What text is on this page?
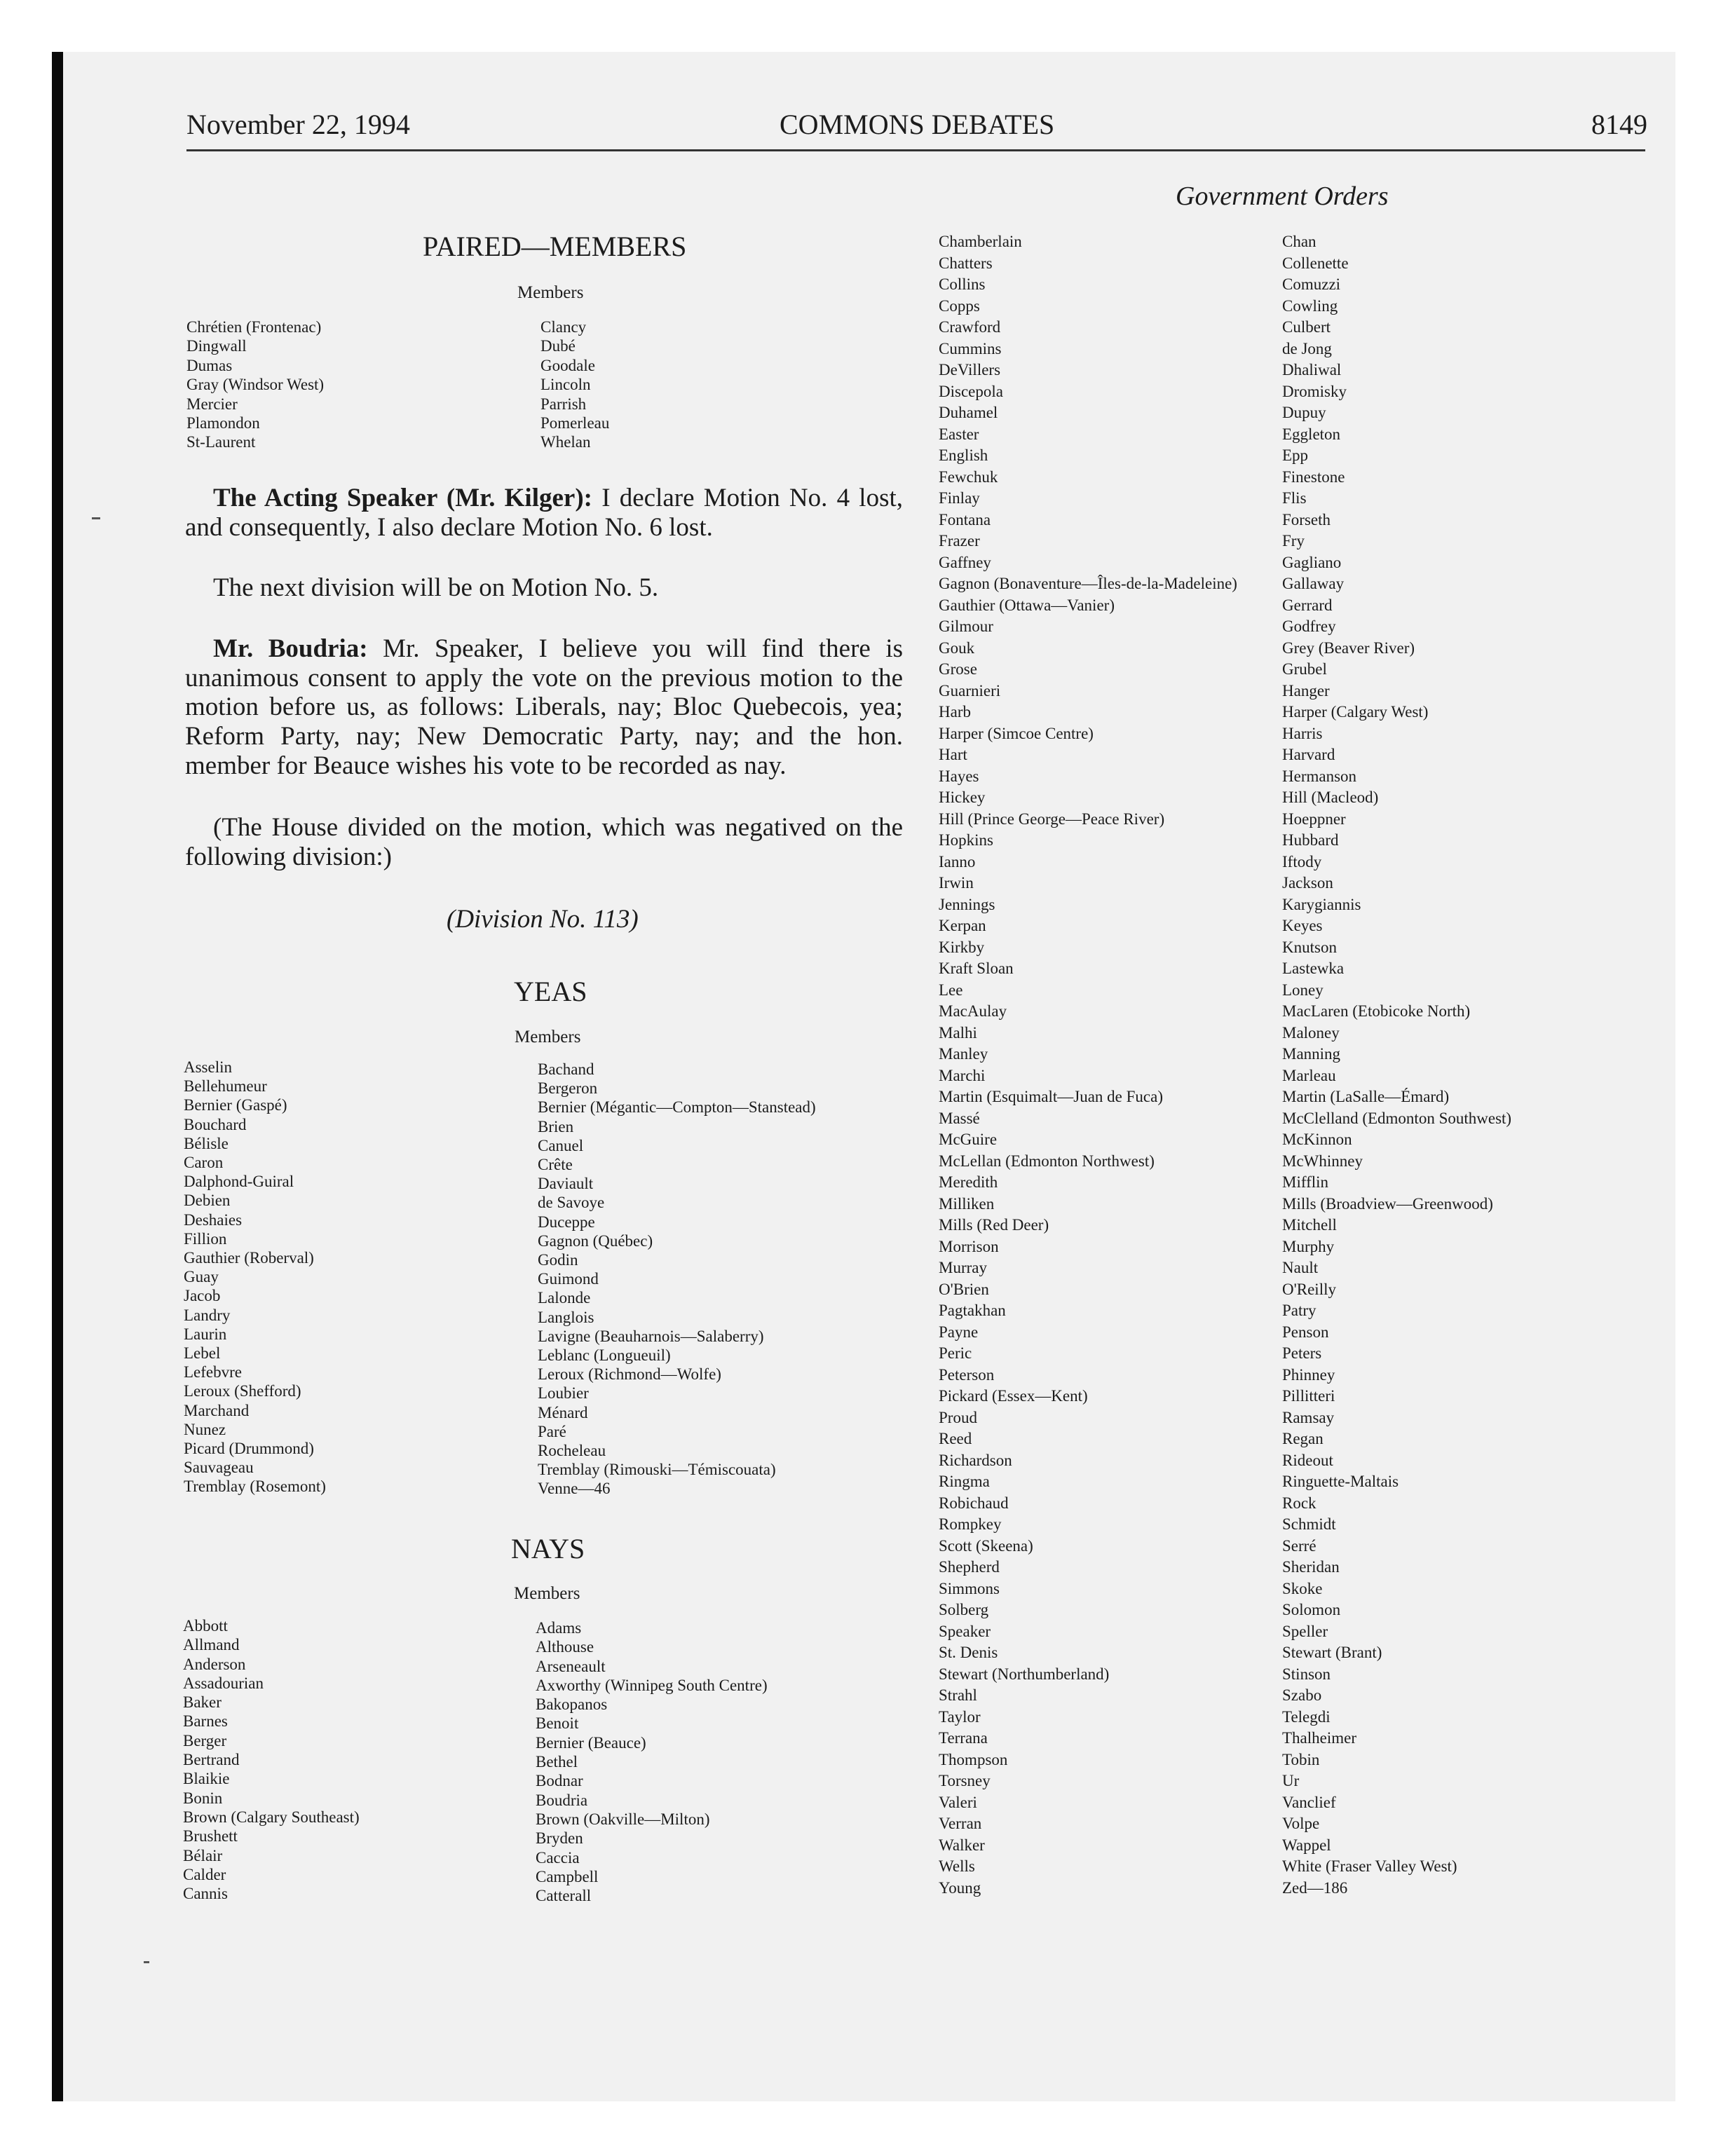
November 22, 1994	COMMONS DEBATES	8149
Government Orders
PAIRED—MEMBERS
Members
Chrétien (Frontenac)
Dingwall
Dumas
Gray (Windsor West)
Mercier
Plamondon
St-Laurent
Clancy
Dubé
Goodale
Lincoln
Parrish
Pomerleau
Whelan

The Acting Speaker (Mr. Kilger): I declare Motion No. 4 lost, and consequently, I also declare Motion No. 6 lost.

The next division will be on Motion No. 5.

Mr. Boudria: Mr. Speaker, I believe you will find there is unanimous consent to apply the vote on the previous motion to the motion before us, as follows: Liberals, nay; Bloc Quebecois, yea; Reform Party, nay; New Democratic Party, nay; and the hon. member for Beauce wishes his vote to be recorded as nay.

(The House divided on the motion, which was negatived on the following division:)

(Division No. 113)
YEAS
Members
Asselin
Bellehumeur
Bernier (Gaspé)
Bouchard
Bélisle
Caron
Dalphond-Guiral
Debien
Deshaies
Fillion
Gauthier (Roberval)
Guay
Jacob
Landry
Laurin
Lebel
Lefebvre
Leroux (Shefford)
Marchand
Nunez
Picard (Drummond)
Sauvageau
Tremblay (Rosemont)
Bachand
Bergeron
Bernier (Mégantic—Compton—Stanstead)
Brien
Canuel
Crête
Daviault
de Savoye
Duceppe
Gagnon (Québec)
Godin
Guimond
Lalonde
Langlois
Lavigne (Beauharnois—Salaberry)
Leblanc (Longueuil)
Leroux (Richmond—Wolfe)
Loubier
Ménard
Paré
Rocheleau
Tremblay (Rimouski—Témiscouata)
Venne—46
NAYS
Members
Abbott
Allmand
Anderson
Assadourian
Baker
Barnes
Berger
Bertrand
Blaikie
Bonin
Brown (Calgary Southeast)
Brushett
Bélair
Calder
Cannis
Adams
Althouse
Arseneault
Axworthy (Winnipeg South Centre)
Bakopanos
Benoit
Bernier (Beauce)
Bethel
Bodnar
Boudria
Brown (Oakville—Milton)
Bryden
Caccia
Campbell
Catterall
Chamberlain
Chatters
Collins
Copps
Crawford
Cummins
DeVillers
Discepola
Duhamel
Easter
English
Fewchuk
Finlay
Fontana
Frazer
Gaffney
Gagnon (Bonaventure—Îles-de-la-Madeleine)
Gauthier (Ottawa—Vanier)
Gilmour
Gouk
Grose
Guarnieri
Harb
Harper (Simcoe Centre)
Hart
Hayes
Hickey
Hill (Prince George—Peace River)
Hopkins
Ianno
Irwin
Jennings
Kerpan
Kirkby
Kraft Sloan
Lee
MacAulay
Malhi
Manley
Marchi
Martin (Esquimalt—Juan de Fuca)
Massé
McGuire
McLellan (Edmonton Northwest)
Meredith
Milliken
Mills (Red Deer)
Morrison
Murray
O'Brien
Pagtakhan
Payne
Peric
Peterson
Pickard (Essex—Kent)
Proud
Reed
Richardson
Ringma
Robichaud
Rompkey
Scott (Skeena)
Shepherd
Simmons
Solberg
Speaker
St. Denis
Stewart (Northumberland)
Strahl
Taylor
Terrana
Thompson
Torsney
Valeri
Verran
Walker
Wells
Young
Chan
Collenette
Comuzzi
Cowling
Culbert
de Jong
Dhaliwal
Dromisky
Dupuy
Eggleton
Epp
Finestone
Flis
Forseth
Fry
Gagliano
Gallaway
Gerrard
Godfrey
Grey (Beaver River)
Grubel
Hanger
Harper (Calgary West)
Harris
Harvard
Hermanson
Hill (Macleod)
Hoeppner
Hubbard
Iftody
Jackson
Karygiannis
Keyes
Knutson
Lastewka
Loney
MacLaren (Etobicoke North)
Maloney
Manning
Marleau
Martin (LaSalle—Émard)
McClelland (Edmonton Southwest)
McKinnon
McWhinney
Mifflin
Mills (Broadview—Greenwood)
Mitchell
Murphy
Nault
O'Reilly
Patry
Penson
Peters
Phinney
Pillitteri
Ramsay
Regan
Rideout
Ringuette-Maltais
Rock
Schmidt
Serré
Sheridan
Skoke
Solomon
Speller
Stewart (Brant)
Stinson
Szabo
Telegdi
Thalheimer
Tobin
Ur
Vanclief
Volpe
Wappel
White (Fraser Valley West)
Zed—186
